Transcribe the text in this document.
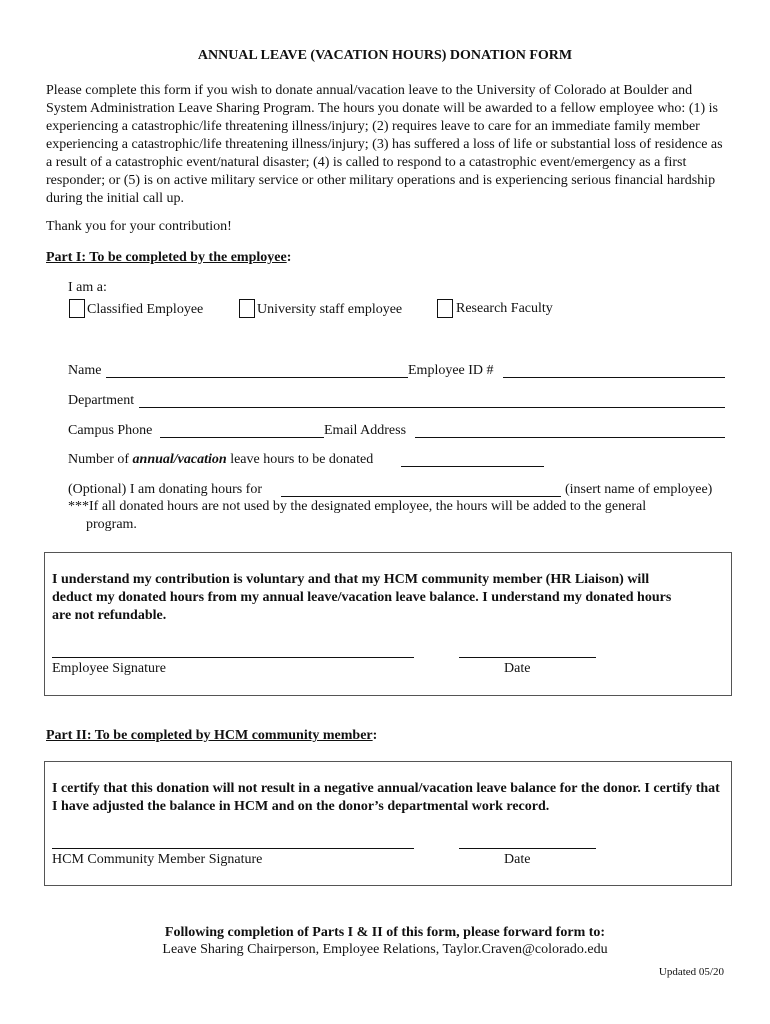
ANNUAL LEAVE (VACATION HOURS) DONATION FORM
Please complete this form if you wish to donate annual/vacation leave to the University of Colorado at Boulder and System Administration Leave Sharing Program. The hours you donate will be awarded to a fellow employee who: (1) is experiencing a catastrophic/life threatening illness/injury; (2) requires leave to care for an immediate family member experiencing a catastrophic/life threatening illness/injury; (3) has suffered a loss of life or substantial loss of residence as a result of a catastrophic event/natural disaster; (4) is called to respond to a catastrophic event/emergency as a first responder; or (5) is on active military service or other military operations and is experiencing serious financial hardship during the initial call up.
Thank you for your contribution!
Part I: To be completed by the employee:
I am a:
Classified Employee	University staff employee	Research Faculty
Name	Employee ID #
Department
Campus Phone	Email Address
Number of annual/vacation leave hours to be donated
(Optional) I am donating hours for	(insert name of employee)
***If all donated hours are not used by the designated employee, the hours will be added to the general
program.
I understand my contribution is voluntary and that my HCM community member (HR Liaison) will deduct my donated hours from my annual leave/vacation leave balance. I understand my donated hours are not refundable.
Employee Signature	Date
Part II: To be completed by HCM community member:
I certify that this donation will not result in a negative annual/vacation leave balance for the donor. I certify that I have adjusted the balance in HCM and on the donor’s departmental work record.
HCM Community Member Signature	Date
Following completion of Parts I & II of this form, please forward form to:
Leave Sharing Chairperson, Employee Relations, Taylor.Craven@colorado.edu
Updated 05/20
